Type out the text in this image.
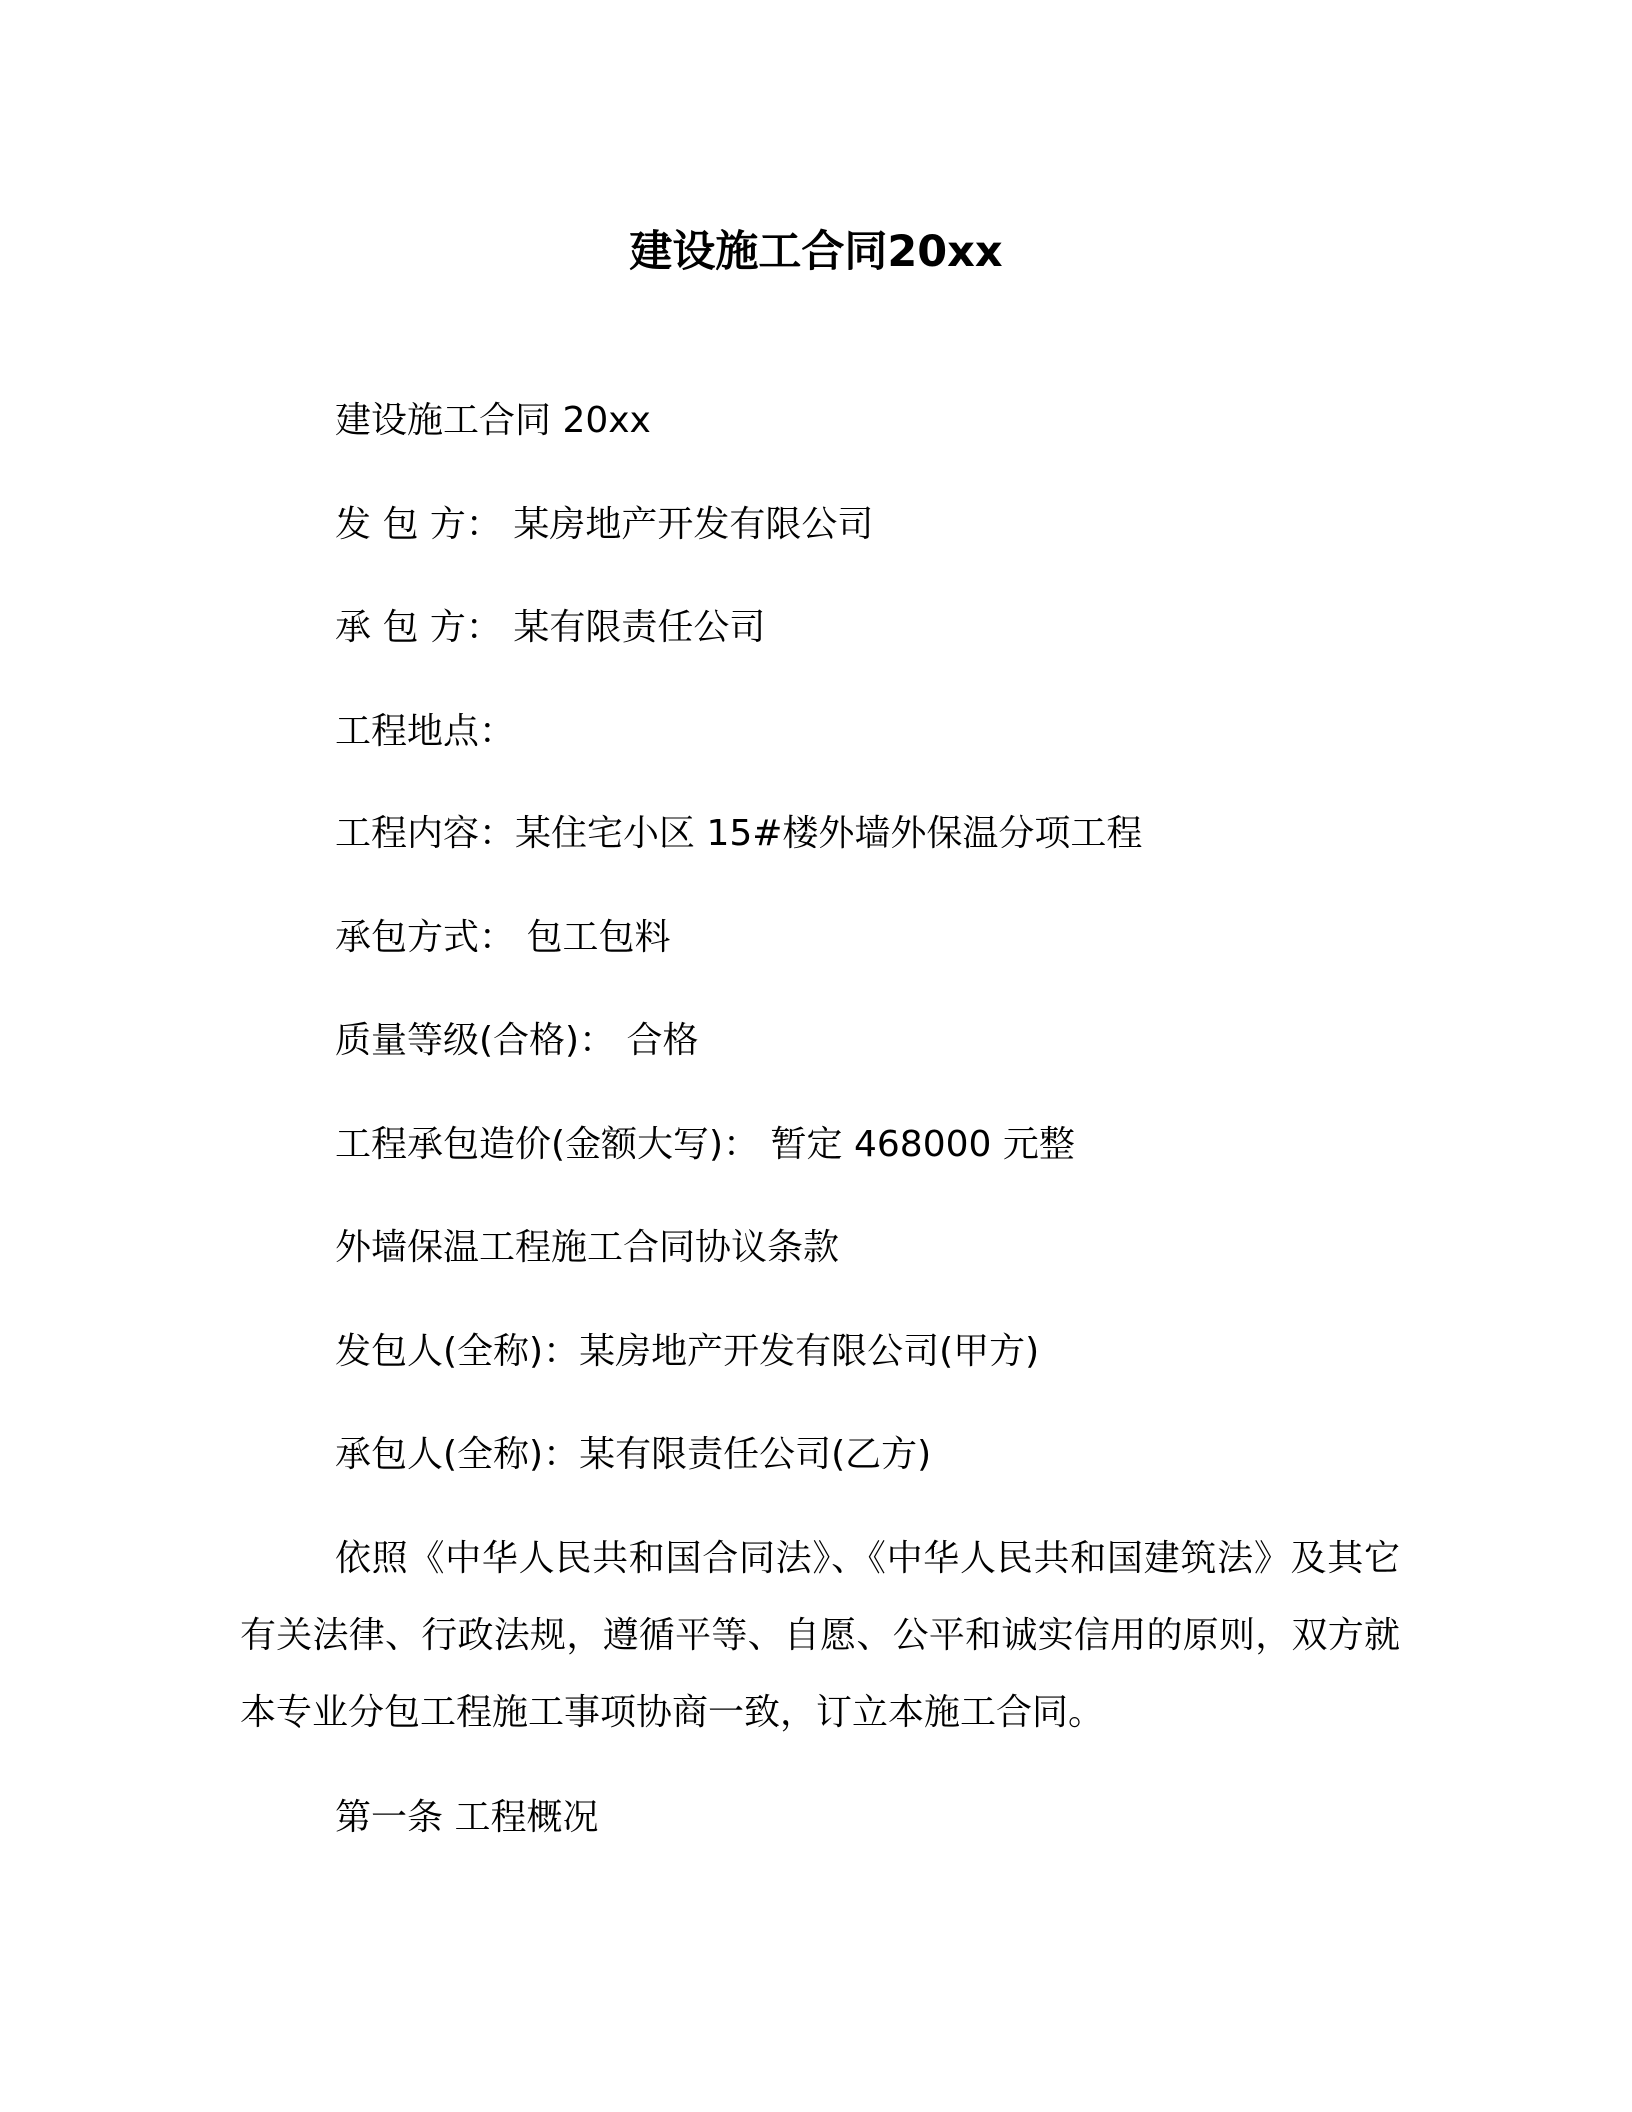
建设施工合同20xx
建设施工合同 20xx
发 包 方： 某房地产开发有限公司
承 包 方： 某有限责任公司
工程地点：
工程内容：某住宅小区 15#楼外墙外保温分项工程
承包方式： 包工包料
质量等级(合格)： 合格
工程承包造价(金额大写)： 暂定 468000 元整
外墙保温工程施工合同协议条款
发包人(全称)：某房地产开发有限公司(甲方)
承包人(全称)：某有限责任公司(乙方)
依照《中华人民共和国合同法》、《中华人民共和国建筑法》及其它有关法律、行政法规，遵循平等、自愿、公平和诚实信用的原则，双方就本专业分包工程施工事项协商一致，订立本施工合同。
第一条 工程概况
